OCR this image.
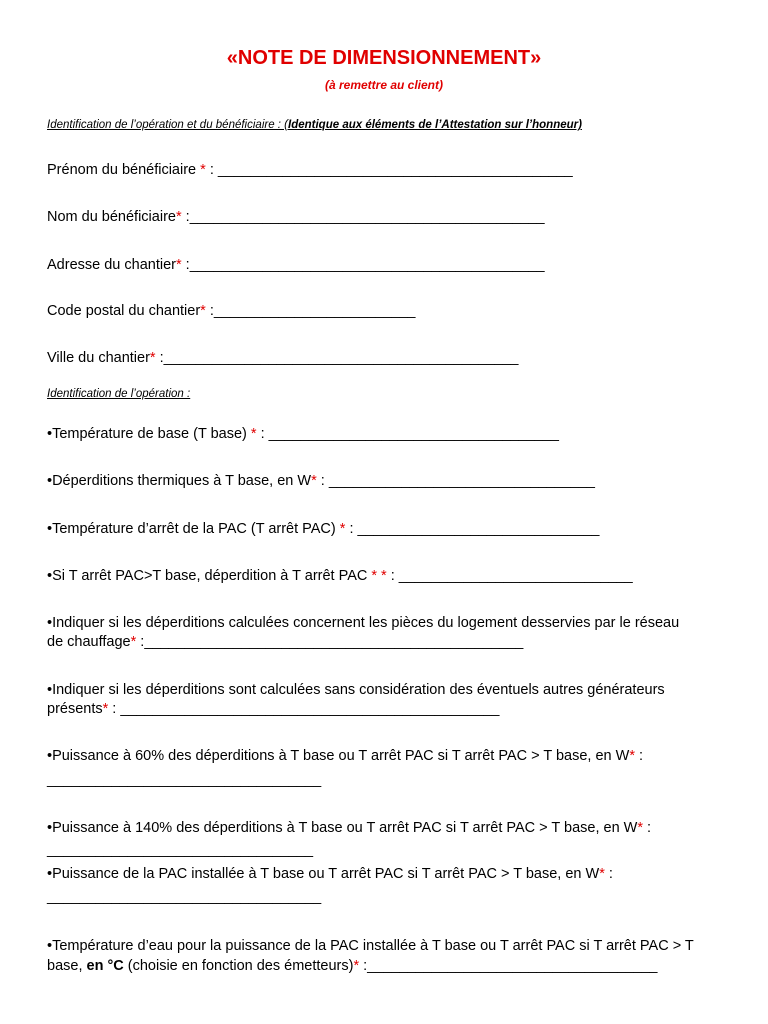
«NOTE DE DIMENSIONNEMENT»
(à remettre au client)
Identification de l’opération et du bénéficiaire : (Identique aux éléments de l’Attestation sur l’honneur)
Prénom du bénéficiaire * : ____________________________________________
Nom du bénéficiaire* :____________________________________________
Adresse du chantier* :____________________________________________
Code postal du chantier* :_________________________
Ville du chantier* :____________________________________________
Identification de l’opération :
•Température de base (T base) * : ____________________________________
•Déperditions thermiques à T base, en W* : _________________________________
•Température d’arrêt de la PAC (T arrêt PAC) * : ______________________________
•Si T arrêt PAC>T base, déperdition à T arrêt PAC * * : _____________________________
•Indiquer si les déperditions calculées concernent les pièces du logement desservies par le réseau
de chauffage* :_______________________________________________
•Indiquer si les déperditions sont calculées sans considération des éventuels autres générateurs
présents* : _______________________________________________
•Puissance à 60% des déperditions à T base ou T arrêt PAC si T arrêt PAC > T base, en W* :
__________________________________
•Puissance à 140% des déperditions à T base ou T arrêt PAC si T arrêt PAC > T base, en W* :
_________________________________
•Puissance de la PAC installée à T base ou T arrêt PAC si T arrêt PAC > T base, en W* :
__________________________________
•Température d’eau pour la puissance de la PAC installée à T base ou T arrêt PAC si T arrêt PAC > T
base, en °C (choisie en fonction des émetteurs)* :____________________________________
